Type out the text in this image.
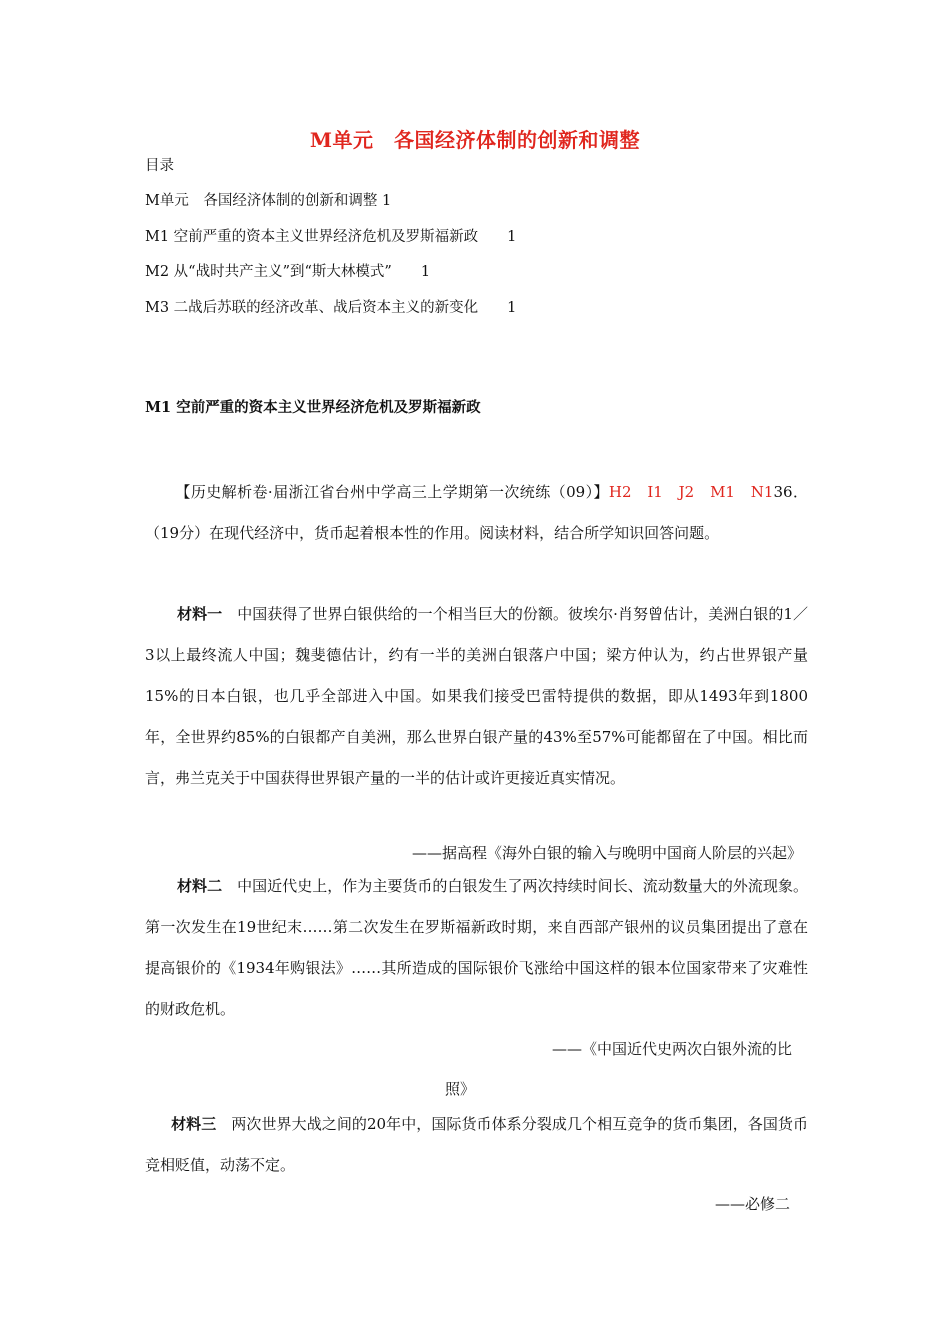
M单元　各国经济体制的创新和调整
目录
M单元　各国经济体制的创新和调整 1
M1 空前严重的资本主义世界经济危机及罗斯福新政　　1
M2 从“战时共产主义”到“斯大林模式”　　1
M3 二战后苏联的经济改革、战后资本主义的新变化　　1
M1 空前严重的资本主义世界经济危机及罗斯福新政
【历史解析卷·届浙江省台州中学高三上学期第一次统练（09）】H2　I1　J2　M1　N136．（19分）在现代经济中，货币起着根本性的作用。阅读材料，结合所学知识回答问题。
材料一 中国获得了世界白银供给的一个相当巨大的份额。彼埃尔·肖努曾估计，美洲白银的1／3以上最终流人中国；魏斐德估计，约有一半的美洲白银落户中国；梁方仲认为，约占世界银产量15%的日本白银，也几乎全部进入中国。如果我们接受巴雷特提供的数据，即从1493年到1800年，全世界约85%的白银都产自美洲，那么世界白银产量的43%至57%可能都留在了中国。相比而言，弗兰克关于中国获得世界银产量的一半的估计或许更接近真实情况。
——据高程《海外白银的输入与晚明中国商人阶层的兴起》
材料二 中国近代史上，作为主要货币的白银发生了两次持续时间长、流动数量大的外流现象。第一次发生在19世纪末……第二次发生在罗斯福新政时期，来自西部产银州的议员集团提出了意在提高银价的《1934年购银法》……其所造成的国际银价飞涨给中国这样的银本位国家带来了灾难性的财政危机。
——《中国近代史两次白银外流的比
照》
材料三 两次世界大战之间的20年中，国际货币体系分裂成几个相互竞争的货币集团，各国货币竞相贬值，动荡不定。
——必修二
